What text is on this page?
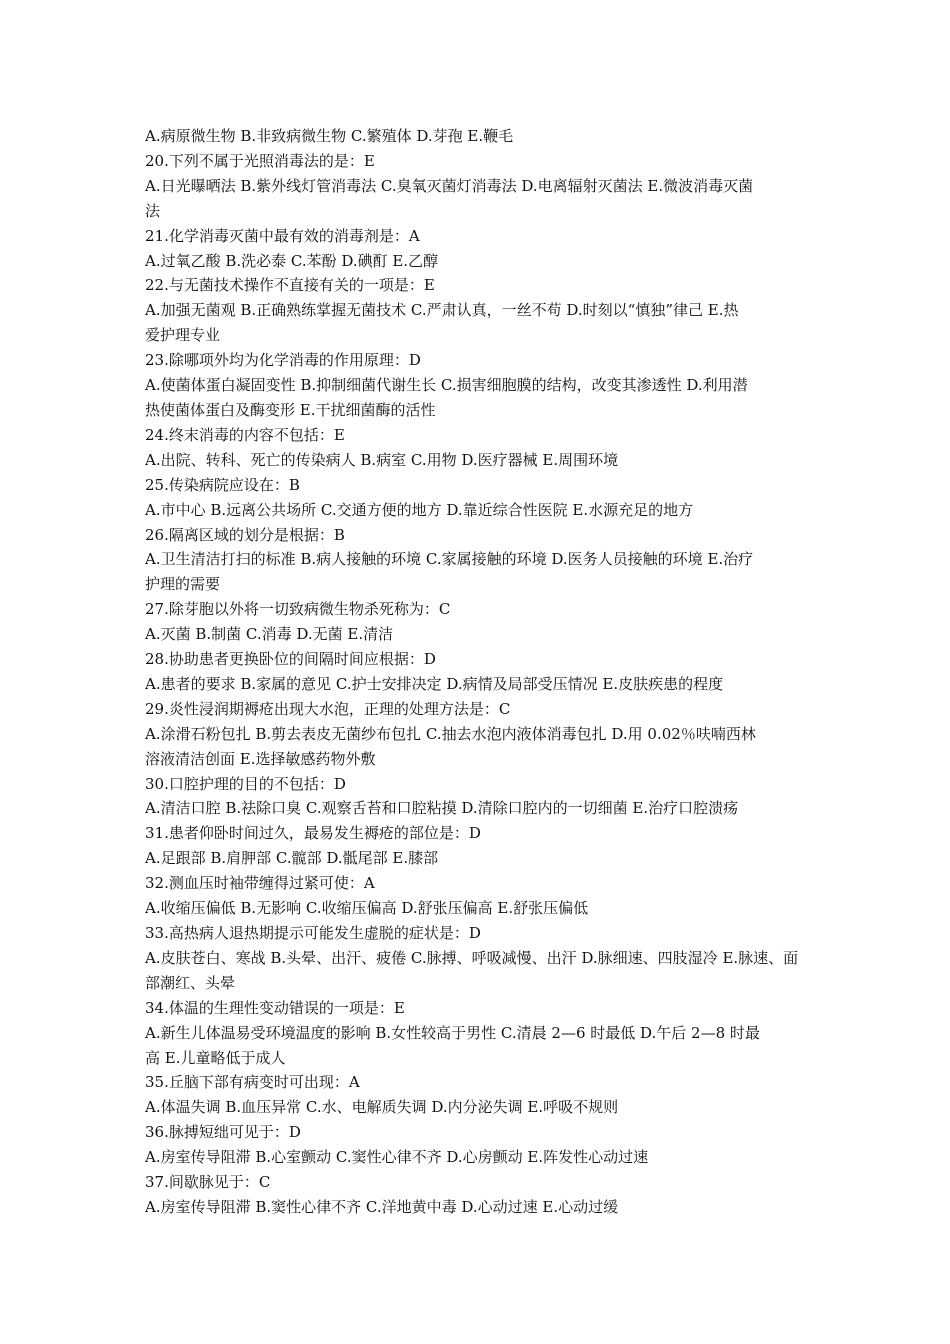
A.病原微生物 B.非致病微生物 C.繁殖体 D.芽孢 E.鞭毛

20.下列不属于光照消毒法的是：E

A.日光曝晒法 B.紫外线灯管消毒法 C.臭氧灭菌灯消毒法 D.电离辐射灭菌法 E.微波消毒灭菌

法

21.化学消毒灭菌中最有效的消毒剂是：A

A.过氧乙酸 B.洗必泰 C.苯酚 D.碘酊 E.乙醇

22.与无菌技术操作不直接有关的一项是：E

A.加强无菌观 B.正确熟练掌握无菌技术 C.严肃认真，一丝不苟 D.时刻以“慎独”律己 E.热

爱护理专业

23.除哪项外均为化学消毒的作用原理：D

A.使菌体蛋白凝固变性 B.抑制细菌代谢生长 C.损害细胞膜的结构，改变其渗透性 D.利用潜

热使菌体蛋白及酶变形 E.干扰细菌酶的活性

24.终末消毒的内容不包括：E

A.出院、转科、死亡的传染病人 B.病室 C.用物 D.医疗器械 E.周围环境

25.传染病院应设在：B

A.市中心 B.远离公共场所 C.交通方便的地方 D.靠近综合性医院 E.水源充足的地方

26.隔离区域的划分是根据：B

A.卫生清洁打扫的标准 B.病人接触的环境 C.家属接触的环境 D.医务人员接触的环境 E.治疗

护理的需要

27.除芽胞以外将一切致病微生物杀死称为：C

A.灭菌 B.制菌 C.消毒 D.无菌 E.清洁

28.协助患者更换卧位的间隔时间应根据：D

A.患者的要求 B.家属的意见 C.护士安排决定 D.病情及局部受压情况 E.皮肤疾患的程度

29.炎性浸润期褥疮出现大水泡，正理的处理方法是：C

A.涂滑石粉包扎 B.剪去表皮无菌纱布包扎 C.抽去水泡内液体消毒包扎 D.用 0.02％呋喃西林

溶液清洁创面 E.选择敏感药物外敷

30.口腔护理的目的不包括：D

A.清洁口腔 B.祛除口臭 C.观察舌苔和口腔粘摸 D.清除口腔内的一切细菌 E.治疗口腔溃疡

31.患者仰卧时间过久，最易发生褥疮的部位是：D

A.足跟部 B.肩胛部 C.髋部 D.骶尾部 E.膝部

32.测血压时袖带缠得过紧可使：A

A.收缩压偏低 B.无影响 C.收缩压偏高 D.舒张压偏高 E.舒张压偏低

33.高热病人退热期提示可能发生虚脱的症状是：D

A.皮肤苍白、寒战 B.头晕、出汗、疲倦 C.脉搏、呼吸减慢、出汗 D.脉细速、四肢湿冷 E.脉速、面

部潮红、头晕

34.体温的生理性变动错误的一项是：E

A.新生儿体温易受环境温度的影响 B.女性较高于男性 C.清晨 2—6 时最低 D.午后 2—8 时最

高 E.儿童略低于成人

35.丘脑下部有病变时可出现：A

A.体温失调 B.血压异常 C.水、电解质失调 D.内分泌失调 E.呼吸不规则

36.脉搏短绌可见于：D

A.房室传导阻滞 B.心室颤动 C.窦性心律不齐 D.心房颤动 E.阵发性心动过速

37.间歇脉见于：C

A.房室传导阻滞 B.窦性心律不齐 C.洋地黄中毒 D.心动过速 E.心动过缓
